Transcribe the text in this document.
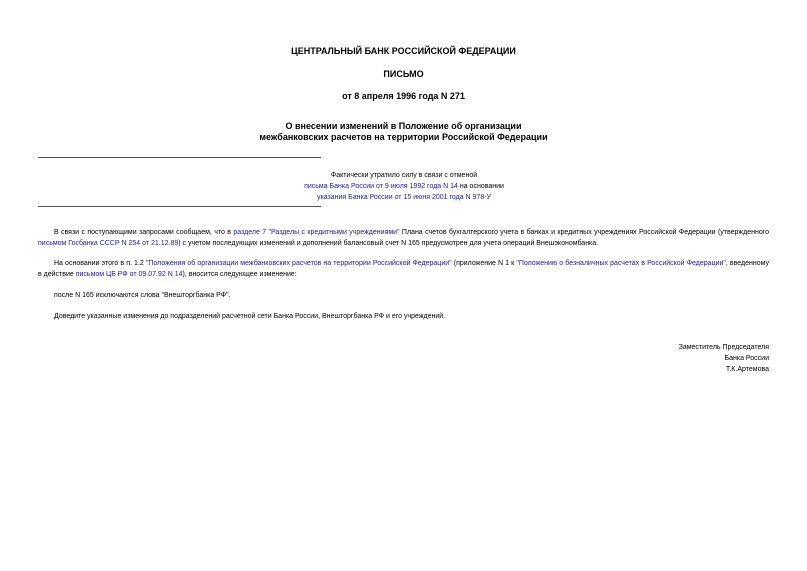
ЦЕНТРАЛЬНЫЙ БАНК РОССИЙСКОЙ ФЕДЕРАЦИИ
ПИСЬМО
от 8 апреля 1996 года N 271
О внесении изменений в Положение об организации
межбанковских расчетов на территории Российской Федерации
Фактически утратило силу в связи с отменой
письма Банка России от 9 июля 1992 года N 14 на основании
указания Банка России от 15 июня 2001 года N 978-У
В связи с поступающими запросами сообщаем, что в разделе 7 "Разделы с кредитными учреждениями" Плана счетов бухгалтерского учета в банках и кредитных учреждениях Российской Федерации (утвержденного письмом Госбанка СССР N 254 от 21.12.89) с учетом последующих изменений и дополнений балансовый счет N 165 предусмотрен для учета операций Внешэкономбанка.
На основании этого в п. 1.2 "Положения об организации межбанковских расчетов на территории Российской Федерации" (приложение N 1 к "Положению о безналичных расчетах в Российской Федерации", введенному в действие письмом ЦБ РФ от 09.07.92 N 14), вносится следующее изменение:
после N 165 исключаются слова "Внешторгбанка РФ".
Доведите указанные изменения до подразделений расчетной сети Банка России, Внешторгбанка РФ и его учреждений.
Заместитель Председателя
Банка России
Т.К.Артемова
